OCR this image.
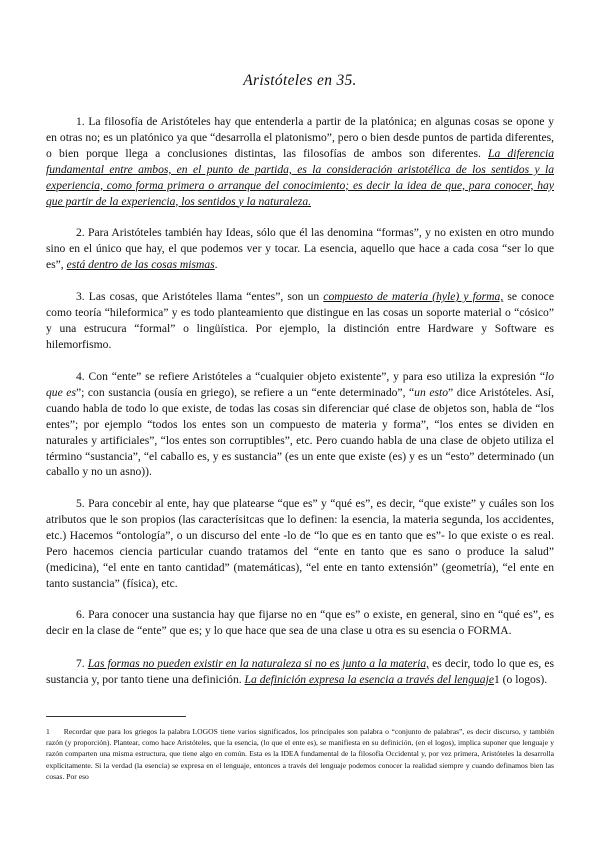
Aristóteles en 35.

1. La filosofía de Aristóteles hay que entenderla a partir de la platónica; en algunas cosas se opone y en otras no; es un platónico ya que “desarrolla el platonismo”, pero o bien desde puntos de partida diferentes, o bien porque llega a conclusiones distintas, las filosofías de ambos son diferentes. La diferencia fundamental entre ambos, en el punto de partida, es la consideración aristotélica de los sentidos y la experiencia, como forma primera o arranque del conocimiento; es decir la idea de que, para conocer, hay que partir de la experiencia, los sentidos y la naturaleza.

2. Para Aristóteles también hay Ideas, sólo que él las denomina “formas”, y no existen en otro mundo sino en el único que hay, el que podemos ver y tocar. La esencia, aquello que hace a cada cosa “ser lo que es”, está dentro de las cosas mismas.

3. Las cosas, que Aristóteles llama “entes”, son un compuesto de materia (hyle) y forma, se conoce como teoría “hileformica” y es todo planteamiento que distingue en las cosas un soporte material o “cósico” y una estrucura “formal” o lingüística. Por ejemplo, la distinción entre Hardware y Software es hilemorfismo.

4. Con “ente” se refiere Aristóteles a “cualquier objeto existente”, y para eso utiliza la expresión “lo que es”; con sustancia (ousía en griego), se refiere a un “ente determinado”, “un esto” dice Aristóteles. Así, cuando habla de todo lo que existe, de todas las cosas sin diferenciar qué clase de objetos son, habla de “los entes”; por ejemplo “todos los entes son un compuesto de materia y forma”, “los entes se dividen en naturales y artificiales”, “los entes son corruptibles”, etc. Pero cuando habla de una clase de objeto utiliza el término “sustancia”, “el caballo es, y es sustancia” (es un ente que existe (es) y es un “esto” determinado (un caballo y no un asno)).

5. Para concebir al ente, hay que platearse “que es” y “qué es”, es decir, “que existe” y cuáles son los atributos que le son propios (las caracterísitcas que lo definen: la esencia, la materia segunda, los accidentes, etc.) Hacemos “ontología”, o un discurso del ente -lo de “lo que es en tanto que es”- lo que existe o es real. Pero hacemos ciencia particular cuando tratamos del “ente en tanto que es sano o produce la salud” (medicina), “el ente en tanto cantidad” (matemáticas), “el ente en tanto extensión” (geometría), “el ente en tanto sustancia” (física), etc.

6. Para conocer una sustancia hay que fijarse no en “que es” o existe, en general, sino en “qué es”, es decir en la clase de “ente” que es; y lo que hace que sea de una clase u otra es su esencia o FORMA.

7. Las formas no pueden existir en la naturaleza si no es junto a la materia, es decir, todo lo que es, es sustancia y, por tanto tiene una definición. La definición expresa la esencia a través del lenguaje1 (o logos).

1 Recordar que para los griegos la palabra LOGOS tiene varios significados, los principales son palabra o “conjunto de palabras”, es decir discurso, y también razón (y proporción). Plantear, como hace Aristóteles, que la esencia, (lo que el ente es), se manifiesta en su definición, (en el logos), implica suponer que lenguaje y razón comparten una misma estructura, que tiene algo en común. Esta es la IDEA fundamental de la filosofía Occidental y, por vez primera, Aristóteles la desarrolla explícitamente. Si la verdad (la esencia) se expresa en el lenguaje, entonces a través del lenguaje podemos conocer la realidad siempre y cuando definamos bien las cosas. Por eso
